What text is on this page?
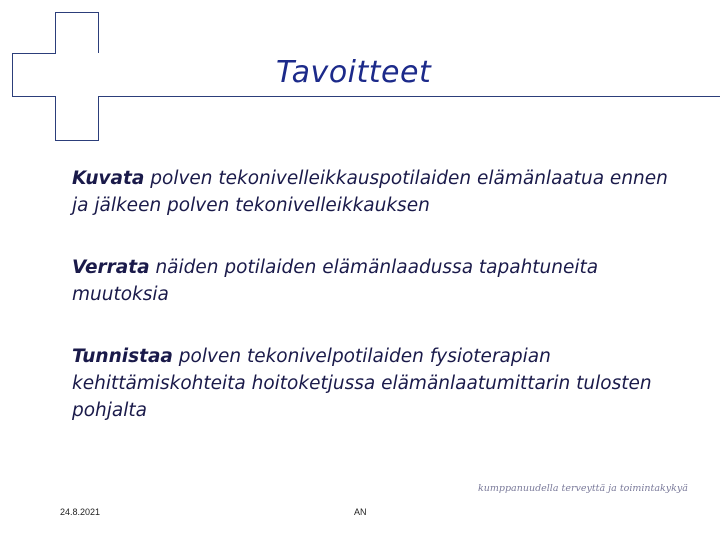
Tavoitteet

Kuvata polven tekonivelleikkauspotilaiden elämänlaatua ennen ja jälkeen polven tekonivelleikkauksen

Verrata näiden potilaiden elämänlaadussa tapahtuneita muutoksia

Tunnistaa polven tekonivelpotilaiden fysioterapian kehittämiskohteita hoitoketjussa elämänlaatumittarin tulosten pohjalta

kumppanuudella terveyttä ja toimintakykyä
24.8.2021	AN
